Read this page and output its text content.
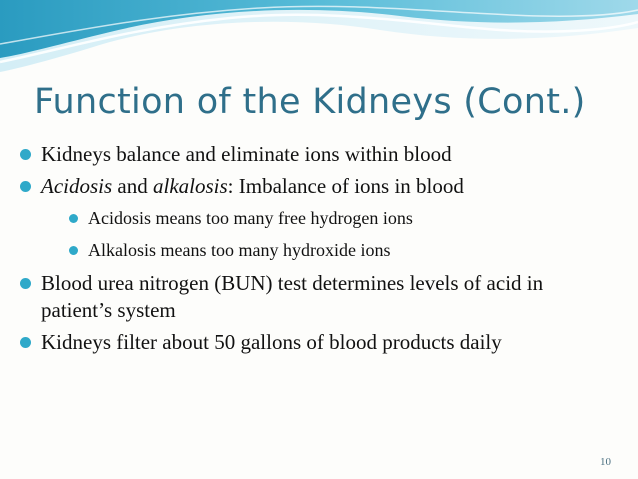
Function of the Kidneys (Cont.)
Kidneys balance and eliminate ions within blood
Acidosis and alkalosis: Imbalance of ions in blood
Acidosis means too many free hydrogen ions
Alkalosis means too many hydroxide ions
Blood urea nitrogen (BUN) test determines levels of acid in patient’s system
Kidneys filter about 50 gallons of blood products daily
10
